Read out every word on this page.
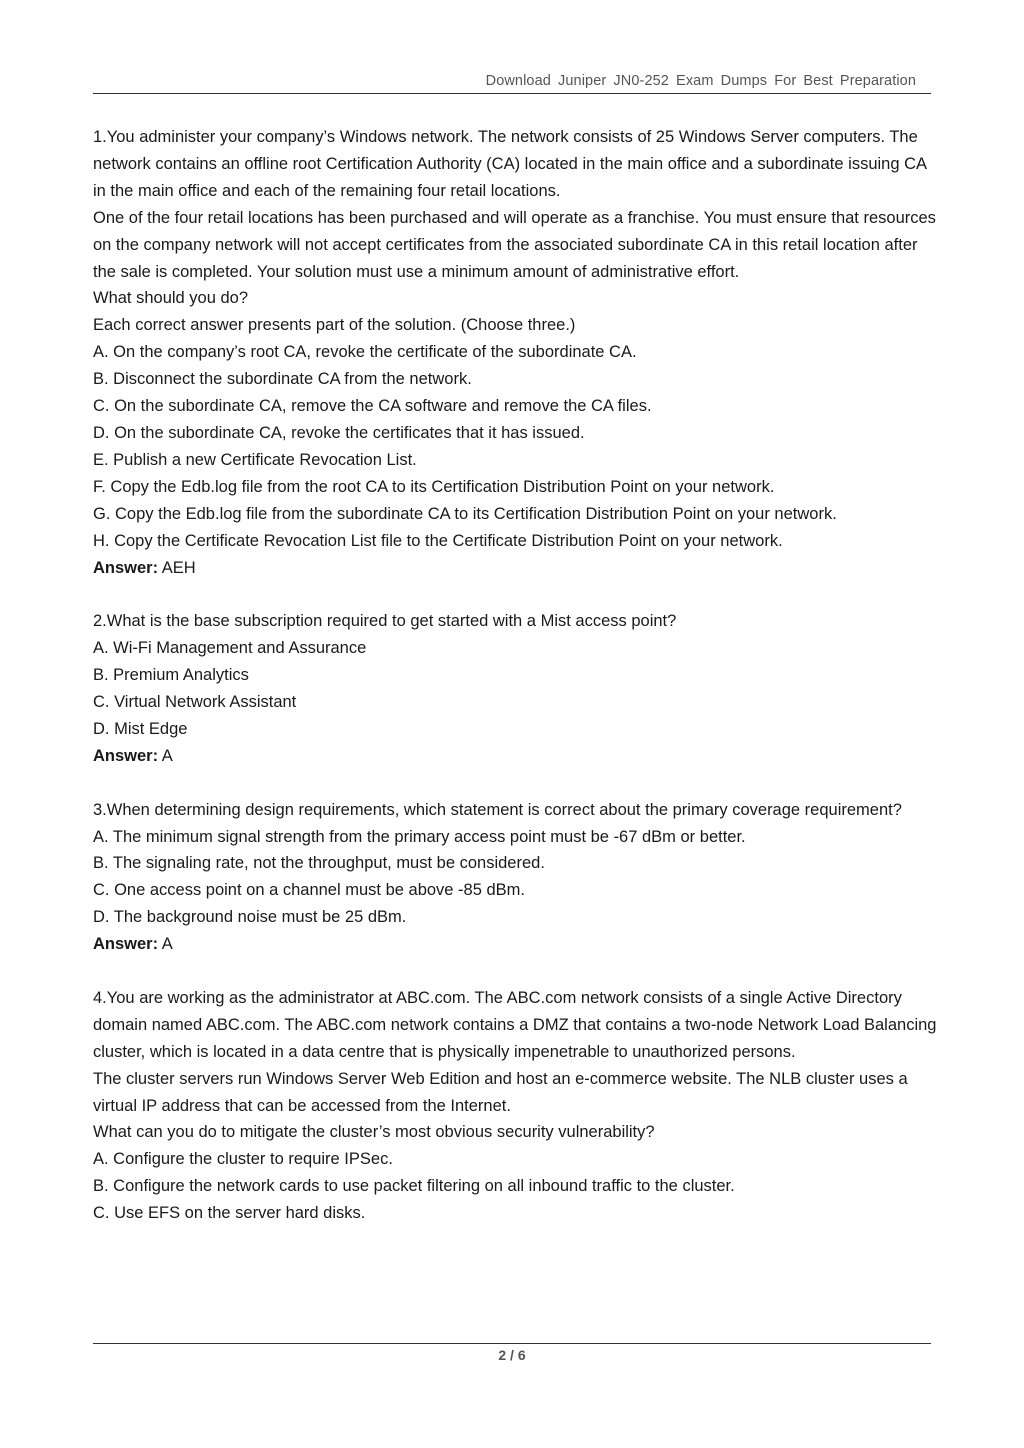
Download Juniper JN0-252 Exam Dumps For Best Preparation

1.You administer your company’s Windows network. The network consists of 25 Windows Server computers. The network contains an offline root Certification Authority (CA) located in the main office and a subordinate issuing CA in the main office and each of the remaining four retail locations.

One of the four retail locations has been purchased and will operate as a franchise. You must ensure that resources on the company network will not accept certificates from the associated subordinate CA in this retail location after the sale is completed. Your solution must use a minimum amount of administrative effort.

What should you do?

Each correct answer presents part of the solution. (Choose three.)

A. On the company’s root CA, revoke the certificate of the subordinate CA.

B. Disconnect the subordinate CA from the network.

C. On the subordinate CA, remove the CA software and remove the CA files.

D. On the subordinate CA, revoke the certificates that it has issued.

E. Publish a new Certificate Revocation List.

F. Copy the Edb.log file from the root CA to its Certification Distribution Point on your network.

G. Copy the Edb.log file from the subordinate CA to its Certification Distribution Point on your network.

H. Copy the Certificate Revocation List file to the Certificate Distribution Point on your network.

Answer: AEH

2.What is the base subscription required to get started with a Mist access point?

A. Wi-Fi Management and Assurance

B. Premium Analytics

C. Virtual Network Assistant

D. Mist Edge

Answer: A

3.When determining design requirements, which statement is correct about the primary coverage requirement?

A. The minimum signal strength from the primary access point must be -67 dBm or better.

B. The signaling rate, not the throughput, must be considered.

C. One access point on a channel must be above -85 dBm.

D. The background noise must be 25 dBm.

Answer: A

4.You are working as the administrator at ABC.com. The ABC.com network consists of a single Active Directory domain named ABC.com. The ABC.com network contains a DMZ that contains a two-node Network Load Balancing cluster, which is located in a data centre that is physically impenetrable to unauthorized persons.

The cluster servers run Windows Server Web Edition and host an e-commerce website. The NLB cluster uses a virtual IP address that can be accessed from the Internet.

What can you do to mitigate the cluster’s most obvious security vulnerability?

A. Configure the cluster to require IPSec.

B. Configure the network cards to use packet filtering on all inbound traffic to the cluster.

C. Use EFS on the server hard disks.

2 / 6
